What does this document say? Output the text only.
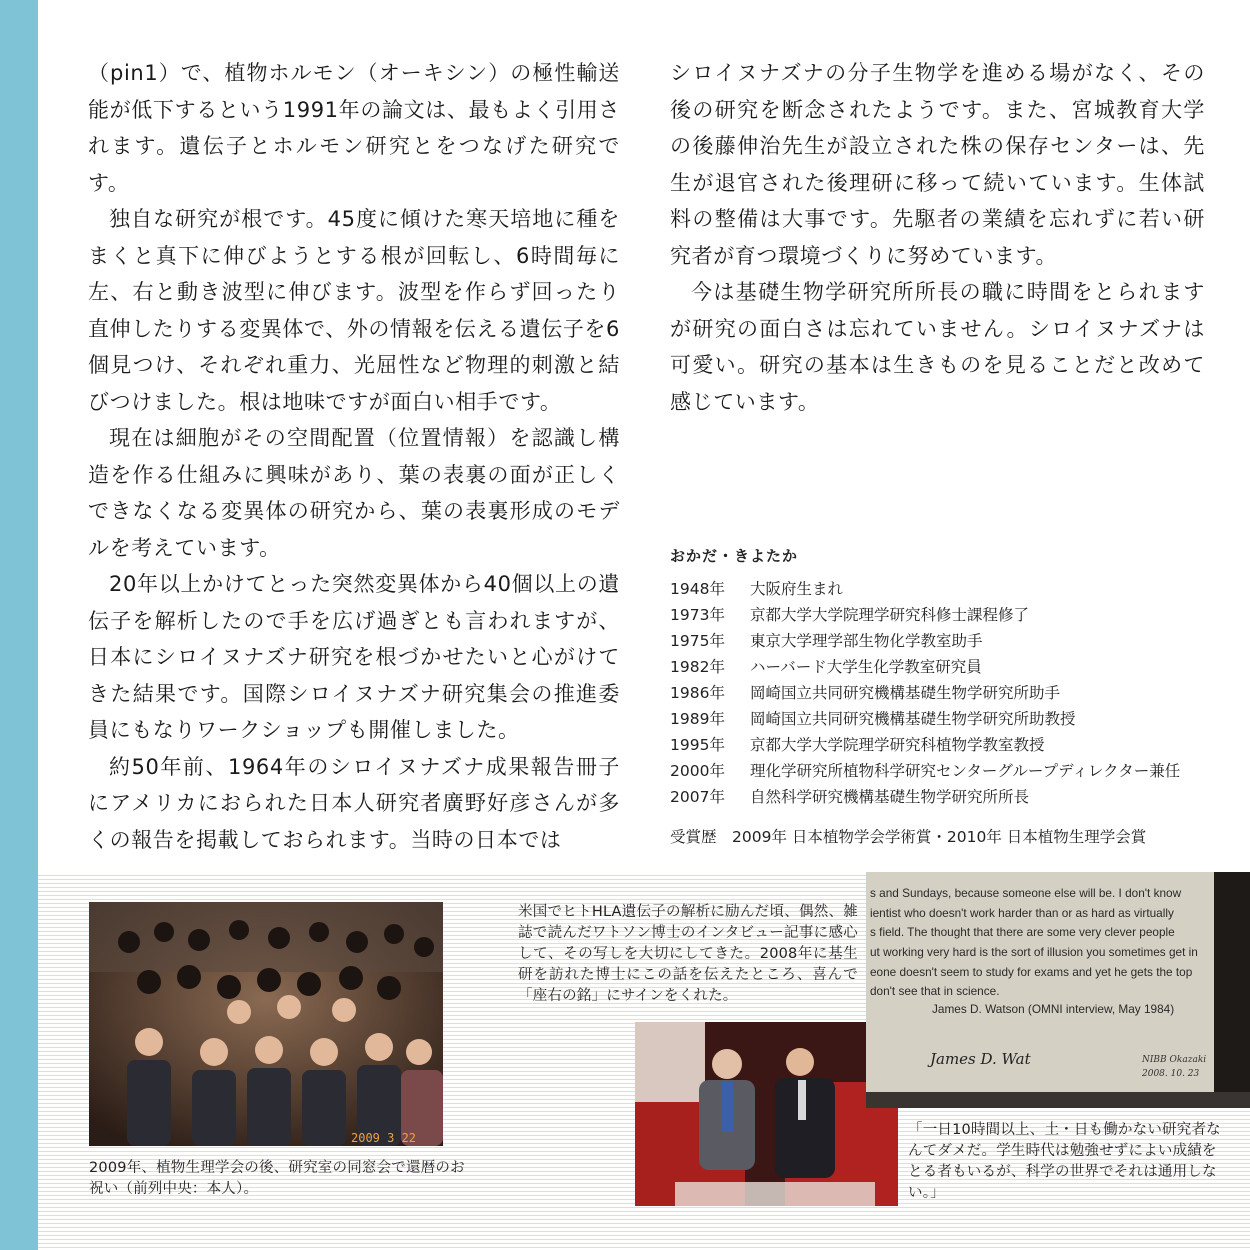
（pin1）で、植物ホルモン（オーキシン）の極性輸送能が低下するという1991年の論文は、最もよく引用されます。遺伝子とホルモン研究とをつなげた研究です。

独自な研究が根です。45度に傾けた寒天培地に種をまくと真下に伸びようとする根が回転し、6時間毎に左、右と動き波型に伸びます。波型を作らず回ったり直伸したりする変異体で、外の情報を伝える遺伝子を6個見つけ、それぞれ重力、光屈性など物理的刺激と結びつけました。根は地味ですが面白い相手です。

現在は細胞がその空間配置（位置情報）を認識し構造を作る仕組みに興味があり、葉の表裏の面が正しくできなくなる変異体の研究から、葉の表裏形成のモデルを考えています。

20年以上かけてとった突然変異体から40個以上の遺伝子を解析したので手を広げ過ぎとも言われますが、日本にシロイヌナズナ研究を根づかせたいと心がけてきた結果です。国際シロイヌナズナ研究集会の推進委員にもなりワークショップも開催しました。

約50年前、1964年のシロイヌナズナ成果報告冊子にアメリカにおられた日本人研究者廣野好彦さんが多くの報告を掲載しておられます。当時の日本では

シロイヌナズナの分子生物学を進める場がなく、その後の研究を断念されたようです。また、宮城教育大学の後藤伸治先生が設立された株の保存センターは、先生が退官された後理研に移って続いています。生体試料の整備は大事です。先駆者の業績を忘れずに若い研究者が育つ環境づくりに努めています。

今は基礎生物学研究所所長の職に時間をとられますが研究の面白さは忘れていません。シロイヌナズナは可愛い。研究の基本は生きものを見ることだと改めて感じています。

おかだ・きよたか
1948年	大阪府生まれ
1973年	京都大学大学院理学研究科修士課程修了
1975年	東京大学理学部生物化学教室助手
1982年	ハーバード大学生化学教室研究員
1986年	岡崎国立共同研究機構基礎生物学研究所助手
1989年	岡崎国立共同研究機構基礎生物学研究所助教授
1995年	京都大学大学院理学研究科植物学教室教授
2000年	理化学研究所植物科学研究センターグループディレクター兼任
2007年	自然科学研究機構基礎生物学研究所所長
受賞歴　2009年 日本植物学会学術賞・2010年 日本植物生理学会賞
2009 3 22
2009年、植物生理学会の後、研究室の同窓会で還暦のお祝い（前列中央：本人）。
米国でヒトHLA遺伝子の解析に励んだ頃、偶然、雑誌で読んだワトソン博士のインタビュー記事に感心して、その写しを大切にしてきた。2008年に基生研を訪れた博士にこの話を伝えたところ、喜んで「座右の銘」にサインをくれた。
s and Sundays, because someone else will be. I don't know
ientist who doesn't work harder than or as hard as virtually
s field. The thought that there are some very clever people
ut working very hard is the sort of illusion you sometimes get in
eone doesn't seem to study for exams and yet he gets the top
don't see that in science.
James D. Watson (OMNI interview, May 1984)
James D. Wat	NIBB Okazaki
2008. 10. 23
「一日10時間以上、土・日も働かない研究者なんてダメだ。学生時代は勉強せずによい成績をとる者もいるが、科学の世界でそれは通用しない。」
